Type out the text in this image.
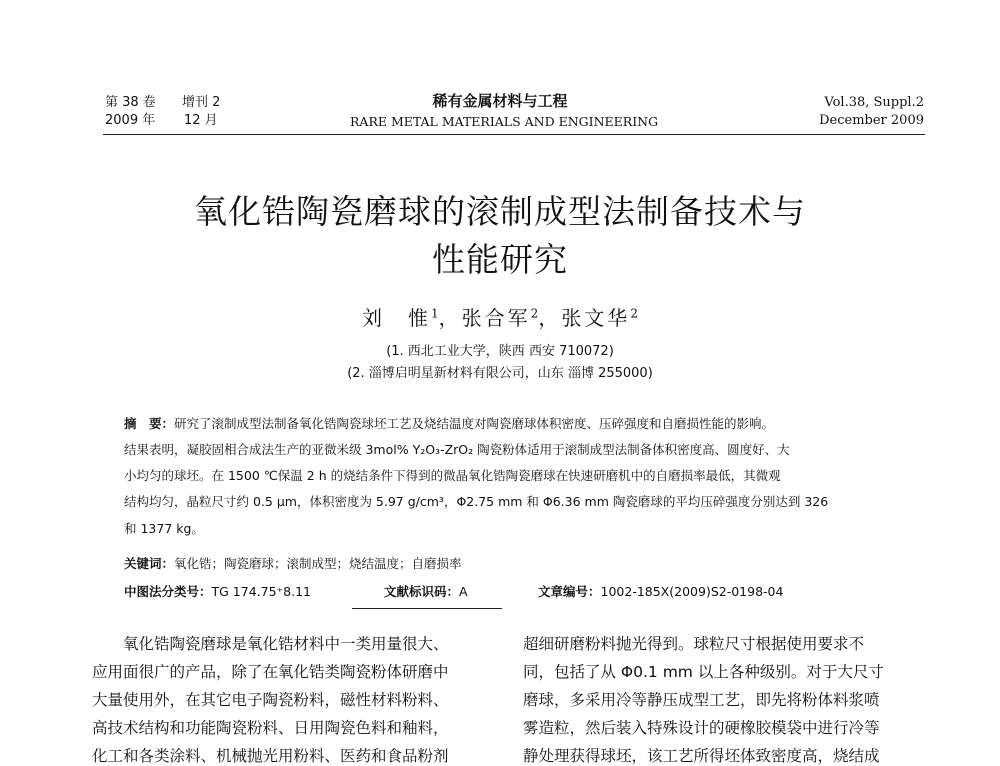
第 38 卷
2009 年
增刊 2
12 月
稀有金属材料与工程
RARE METAL MATERIALS AND ENGINEERING
Vol.38, Suppl.2
December 2009
氧化锆陶瓷磨球的滚制成型法制备技术与
性能研究
刘　惟$^1$，张合军$^2$，张文华$^2$
(1. 西北工业大学，陕西 西安 710072)
(2. 淄博启明星新材料有限公司，山东 淄博 255000)
摘　要：研究了滚制成型法制备氧化锆陶瓷球坯工艺及烧结温度对陶瓷磨球体积密度、压碎强度和自磨损性能的影响。
结果表明，凝胶固相合成法生产的亚微米级 3mol% Y₂O₃-ZrO₂ 陶瓷粉体适用于滚制成型法制备体积密度高、圆度好、大
小均匀的球坯。在 1500 ℃保温 2 h 的烧结条件下得到的微晶氧化锆陶瓷磨球在快速研磨机中的自磨损率最低，其微观
结构均匀，晶粒尺寸约 0.5 μm，体积密度为 5.97 g/cm³，Φ2.75 mm 和 Φ6.36 mm 陶瓷磨球的平均压碎强度分别达到 326
和 1377 kg。
关键词：氧化锆；陶瓷磨球；滚制成型；烧结温度；自磨损率
中图法分类号：TG 174.75⁺8.11	文献标识码：A	文章编号：1002-185X(2009)S2-0198-04
　　氧化锆陶瓷磨球是氧化锆材料中一类用量很大、
应用面很广的产品，除了在氧化锆类陶瓷粉体研磨中
大量使用外，在其它电子陶瓷粉料，磁性材料粉料、
高技术结构和功能陶瓷粉料、日用陶瓷色料和釉料，
化工和各类涂料、机械抛光用粉料、医药和食品粉剂
超细研磨粉料抛光得到。球粒尺寸根据使用要求不
同，包括了从 Φ0.1 mm 以上各种级别。对于大尺寸
磨球，多采用冷等静压成型工艺，即先将粉体料浆喷
雾造粒，然后装入特殊设计的硬橡胶模袋中进行冷等
静处理获得球坯，该工艺所得坯体致密度高，烧结成
